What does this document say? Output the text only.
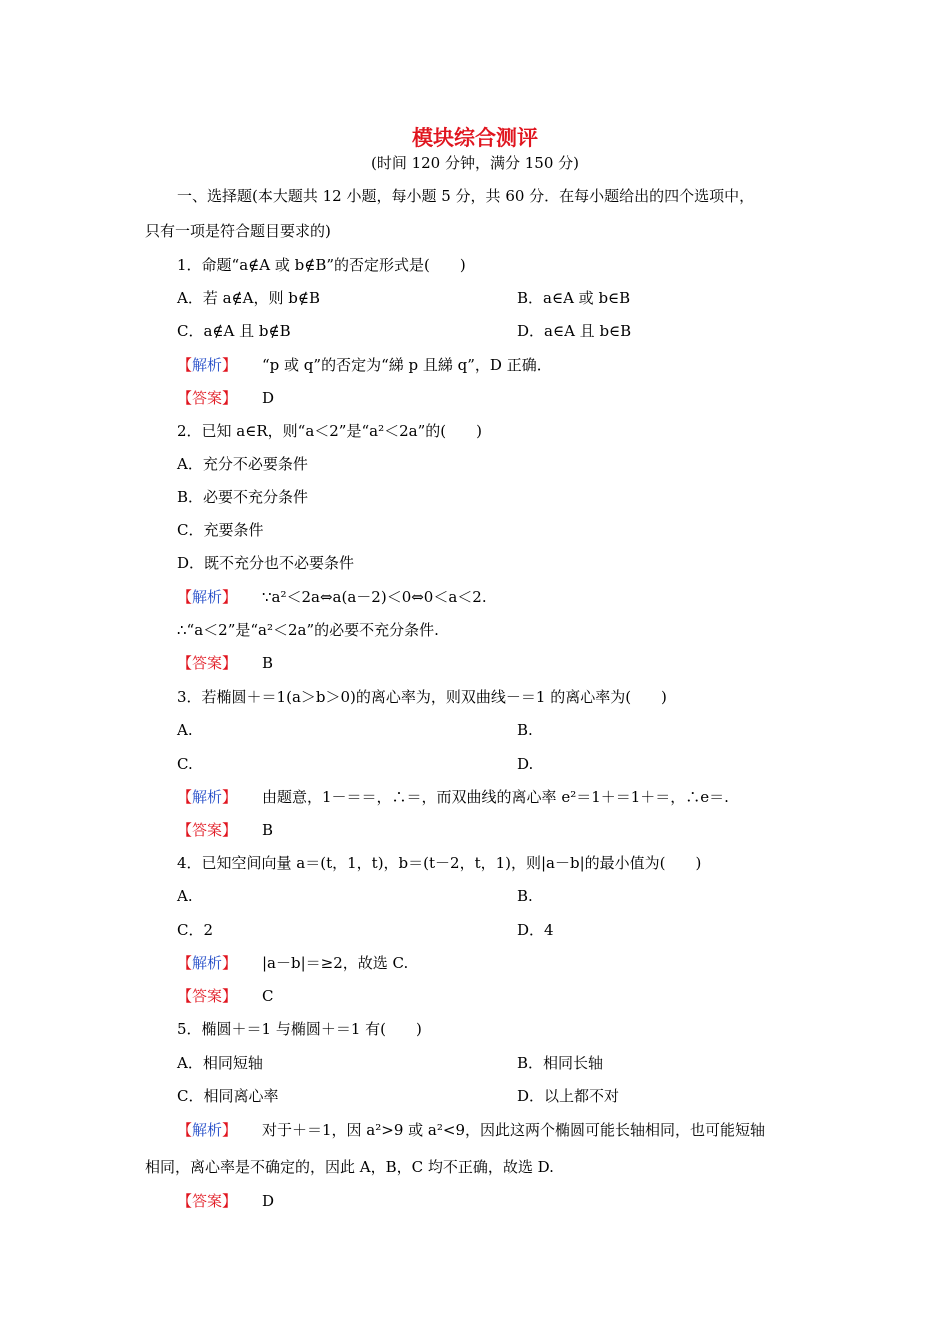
模块综合测评
(时间 120 分钟，满分 150 分)
一、选择题(本大题共 12 小题，每小题 5 分，共 60 分．在每小题给出的四个选项中，
只有一项是符合题目要求的)
1．命题“a∉A 或 b∉B”的否定形式是(　　)
A．若 a∉A，则 b∉B	B．a∈A 或 b∈B
C．a∉A 且 b∉B	D．a∈A 且 b∈B
【解析】 “p 或 q”的否定为“綈 p 且綈 q”，D 正确．
【答案】 D
2．已知 a∈R，则“a＜2”是“a²＜2a”的(　　)
A．充分不必要条件
B．必要不充分条件
C．充要条件
D．既不充分也不必要条件
【解析】 ∵a²＜2a⇔a(a－2)＜0⇔0＜a＜2.
∴“a＜2”是“a²＜2a”的必要不充分条件.
【答案】 B
3．若椭圆＋＝1(a＞b＞0)的离心率为，则双曲线－＝1 的离心率为(　　)
A.	B.
C.	D.
【解析】 由题意，1－＝＝，∴＝，而双曲线的离心率 e²＝1＋＝1＋＝，∴e＝.
【答案】 B
4．已知空间向量 a＝(t，1，t)，b＝(t－2，t，1)，则|a－b|的最小值为(　　)
A.	B.
C．2	D．4
【解析】 |a－b|＝≥2，故选 C.
【答案】 C
5．椭圆＋＝1 与椭圆＋＝1 有(　　)
A．相同短轴	B．相同长轴
C．相同离心率	D．以上都不对
【解析】 对于＋＝1，因 a²>9 或 a²<9，因此这两个椭圆可能长轴相同，也可能短轴
相同，离心率是不确定的，因此 A，B，C 均不正确，故选 D.
【答案】 D
